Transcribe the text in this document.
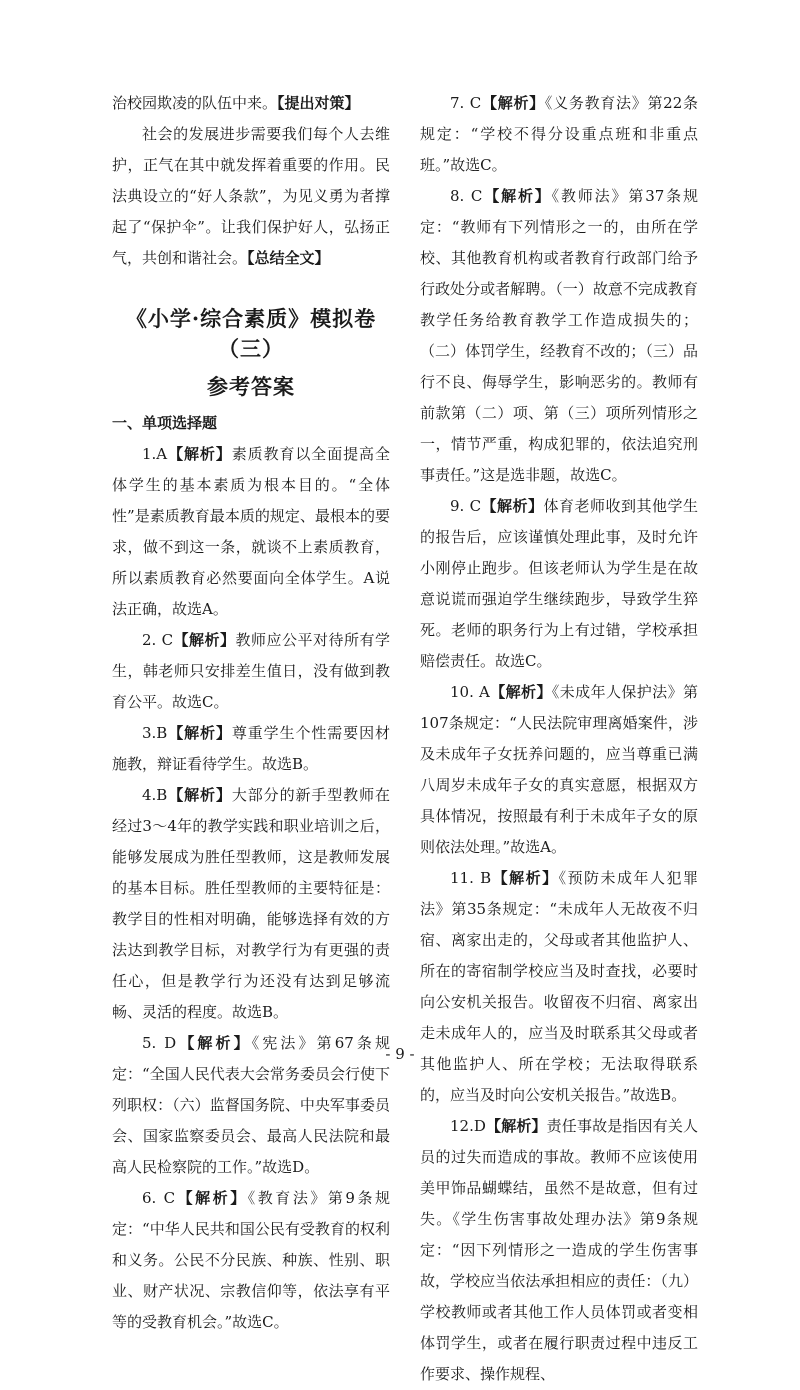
治校园欺凌的队伍中来。【提出对策】

社会的发展进步需要我们每个人去维护，正气在其中就发挥着重要的作用。民法典设立的“好人条款”，为见义勇为者撑起了“保护伞”。让我们保护好人，弘扬正气，共创和谐社会。【总结全文】

《小学·综合素质》模拟卷（三）

参考答案

一、单项选择题

1.A【解析】素质教育以全面提高全体学生的基本素质为根本目的。“全体性”是素质教育最本质的规定、最根本的要求，做不到这一条，就谈不上素质教育，所以素质教育必然要面向全体学生。A说法正确，故选A。

2. C【解析】教师应公平对待所有学生，韩老师只安排差生值日，没有做到教育公平。故选C。

3.B【解析】尊重学生个性需要因材施教，辩证看待学生。故选B。

4.B【解析】大部分的新手型教师在经过3～4年的教学实践和职业培训之后，能够发展成为胜任型教师，这是教师发展的基本目标。胜任型教师的主要特征是：教学目的性相对明确，能够选择有效的方法达到教学目标，对教学行为有更强的责任心，但是教学行为还没有达到足够流畅、灵活的程度。故选B。

5. D【解析】《宪法》第67条规定：“全国人民代表大会常务委员会行使下列职权：（六）监督国务院、中央军事委员会、国家监察委员会、最高人民法院和最高人民检察院的工作。”故选D。

6. C【解析】《教育法》第9条规定：“中华人民共和国公民有受教育的权利和义务。公民不分民族、种族、性别、职业、财产状况、宗教信仰等，依法享有平等的受教育机会。”故选C。

7. C【解析】《义务教育法》第22条规定：“学校不得分设重点班和非重点班。”故选C。

8. C【解析】《教师法》第37条规定：“教师有下列情形之一的，由所在学校、其他教育机构或者教育行政部门给予行政处分或者解聘。（一）故意不完成教育教学任务给教育教学工作造成损失的；（二）体罚学生，经教育不改的；（三）品行不良、侮辱学生，影响恶劣的。教师有前款第（二）项、第（三）项所列情形之一，情节严重，构成犯罪的，依法追究刑事责任。”这是选非题，故选C。

9. C【解析】体育老师收到其他学生的报告后，应该谨慎处理此事，及时允许小刚停止跑步。但该老师认为学生是在故意说谎而强迫学生继续跑步，导致学生猝死。老师的职务行为上有过错，学校承担赔偿责任。故选C。

10. A【解析】《未成年人保护法》第107条规定：“人民法院审理离婚案件，涉及未成年子女抚养问题的，应当尊重已满八周岁未成年子女的真实意愿，根据双方具体情况，按照最有利于未成年子女的原则依法处理。”故选A。

11. B【解析】《预防未成年人犯罪法》第35条规定：“未成年人无故夜不归宿、离家出走的，父母或者其他监护人、所在的寄宿制学校应当及时查找，必要时向公安机关报告。收留夜不归宿、离家出走未成年人的，应当及时联系其父母或者其他监护人、所在学校；无法取得联系的，应当及时向公安机关报告。”故选B。

12.D【解析】责任事故是指因有关人员的过失而造成的事故。教师不应该使用美甲饰品蝴蝶结，虽然不是故意，但有过失。《学生伤害事故处理办法》第9条规定：“因下列情形之一造成的学生伤害事故，学校应当依法承担相应的责任：（九）学校教师或者其他工作人员体罚或者变相体罚学生，或者在履行职责过程中违反工作要求、操作规程、

- 9 -
